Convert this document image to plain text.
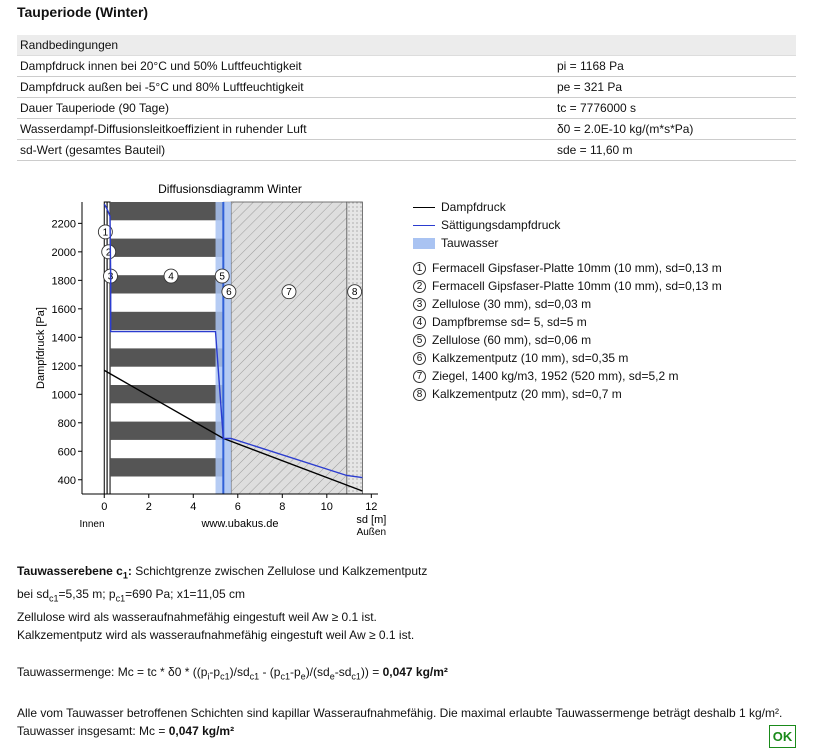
Tauperiode (Winter)
Randbedingungen	
Dampfdruck innen bei 20°C und 50% Luftfeuchtigkeit	pi = 1168 Pa
Dampfdruck außen bei -5°C und 80% Luftfeuchtigkeit	pe = 321 Pa
Dauer Tauperiode (90 Tage)	tc = 7776000 s
Wasserdampf-Diffusionsleitkoeffizient in ruhender Luft	δ0 = 2.0E-10 kg/(m*s*Pa)
sd-Wert (gesamtes Bauteil)	sde = 11,60 m
Diffusionsdiagramm Winter
1
2
3	4	5
6	7	8
400
600
800
1000
1200
1400
1600
1800
2000
2200
0	2	4	6	8	10	12
Dampfdruck [Pa]
sd [m]
Außen
Innen	www.ubakus.de
Dampfdruck
Sättigungsdampfdruck
Tauwasser
1 Fermacell Gipsfaser-Platte 10mm (10 mm), sd=0,13 m
2 Fermacell Gipsfaser-Platte 10mm (10 mm), sd=0,13 m
3 Zellulose (30 mm), sd=0,03 m
4 Dampfbremse sd= 5, sd=5 m
5 Zellulose (60 mm), sd=0,06 m
6 Kalkzementputz (10 mm), sd=0,35 m
7 Ziegel, 1400 kg/m3, 1952 (520 mm), sd=5,2 m
8 Kalkzementputz (20 mm), sd=0,7 m
Tauwasserebene $c_1$: Schichtgrenze zwischen Zellulose und Kalkzementputz
bei $sd_{c1}=5,35$ m; $p_{c1}=690$ Pa; x1=11,05 cm
Zellulose wird als wasseraufnahmefähig eingestuft weil Aw ≥ 0.1 ist.
Kalkzementputz wird als wasseraufnahmefähig eingestuft weil Aw ≥ 0.1 ist.
Tauwassermenge: Mc = tc * $\delta 0 * ((p_i-p_{c1})/sd_{c1} - (p_{c1}-p_e)/(sd_e-sd_{c1})) = 0,047$ kg/m²
Alle vom Tauwasser betroffenen Schichten sind kapillar Wasseraufnahmefähig. Die maximal erlaubte Tauwassermenge beträgt deshalb 1 kg/m².
Tauwasser insgesamt: Mc = 0,047 kg/m²	OK
